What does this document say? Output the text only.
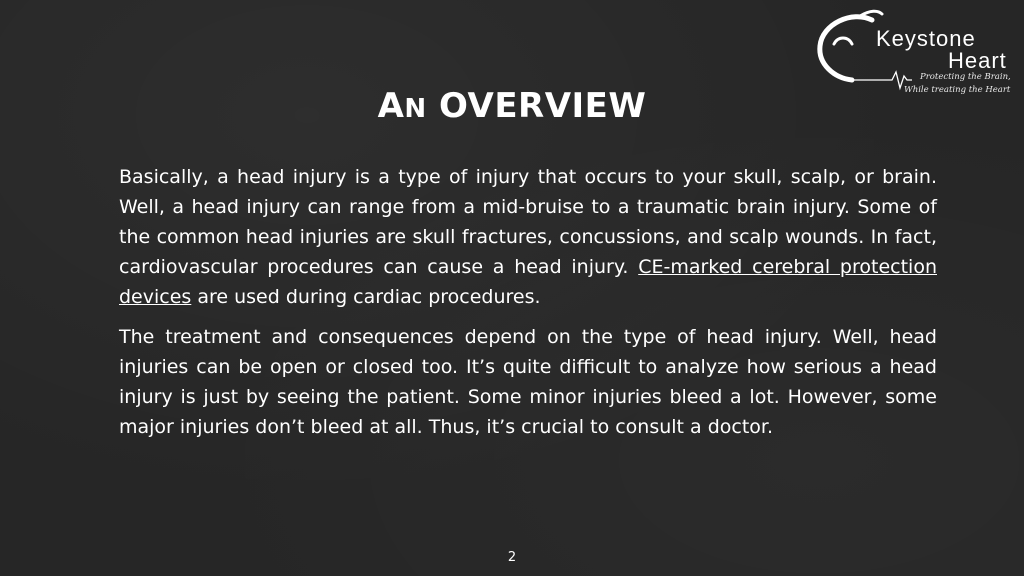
Keystone
Heart
Protecting the Brain,
While treating the Heart
AN OVERVIEW

Basically, a head injury is a type of injury that occurs to your skull, scalp, or brain. Well, a head injury can range from a mid-bruise to a traumatic brain injury. Some of the common head injuries are skull fractures, concussions, and scalp wounds. In fact, cardiovascular procedures can cause a head injury. CE-marked cerebral protection devices are used during cardiac procedures.

The treatment and consequences depend on the type of head injury. Well, head injuries can be open or closed too. It’s quite difficult to analyze how serious a head injury is just by seeing the patient. Some minor injuries bleed a lot. However, some major injuries don’t bleed at all. Thus, it’s crucial to consult a doctor.

2
